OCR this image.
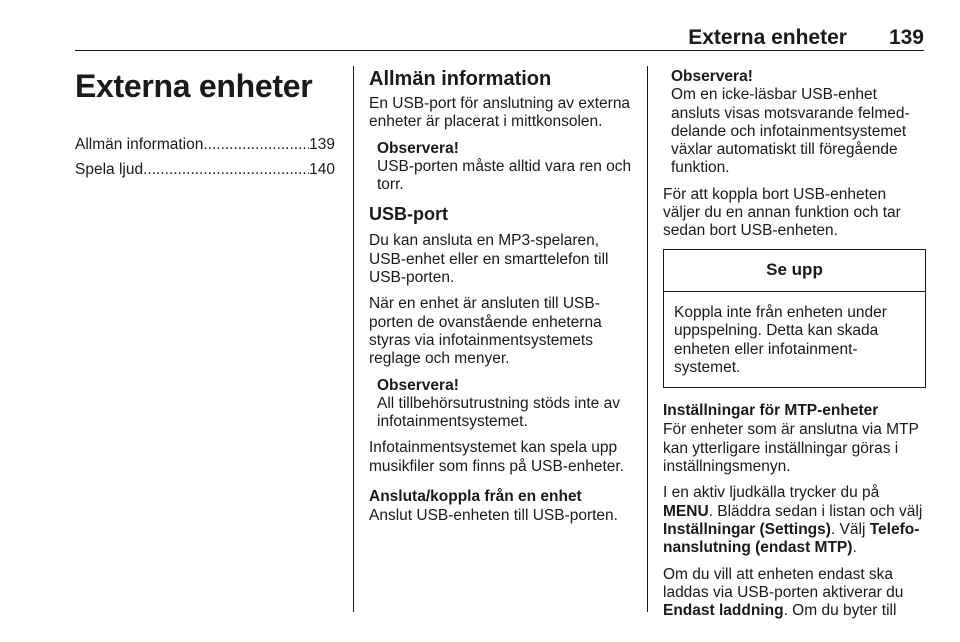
Externa enheter 139
Externa enheter
Allmän information .....	139
Spela ljud .....	140
Allmän information

En USB-port för anslutning av externa enheter är placerat i mittkonsolen.

Observera!

USB-porten måste alltid vara ren och torr.

USB-port

Du kan ansluta en MP3-spelaren, USB-enhet eller en smarttelefon till USB-porten.

När en enhet är ansluten till USB-porten de ovanstående enheterna styras via infotainmentsystemets reglage och menyer.

Observera!

All tillbehörsutrustning stöds inte av infotainmentsystemet.

Infotainmentsystemet kan spela upp musikfiler som finns på USB-enheter.

Ansluta/koppla från en enhet

Anslut USB-enheten till USB-porten.

Observera!

Om en icke-läsbar USB-enhet ansluts visas motsvarande felmeddelande och infotainmentsystemet växlar automatiskt till föregående funktion.

För att koppla bort USB-enheten väljer du en annan funktion och tar sedan bort USB-enheten.

Se upp
Koppla inte från enheten under uppspelning. Detta kan skada enheten eller infotainmentsystemet.
Inställningar för MTP-enheter

För enheter som är anslutna via MTP kan ytterligare inställningar göras i inställningsmenyn.

I en aktiv ljudkälla trycker du på MENU. Bläddra sedan i listan och välj Inställningar (Settings). Välj Telefonanslutning (endast MTP).

Om du vill att enheten endast ska laddas via USB-porten aktiverar du Endast laddning. Om du byter till
